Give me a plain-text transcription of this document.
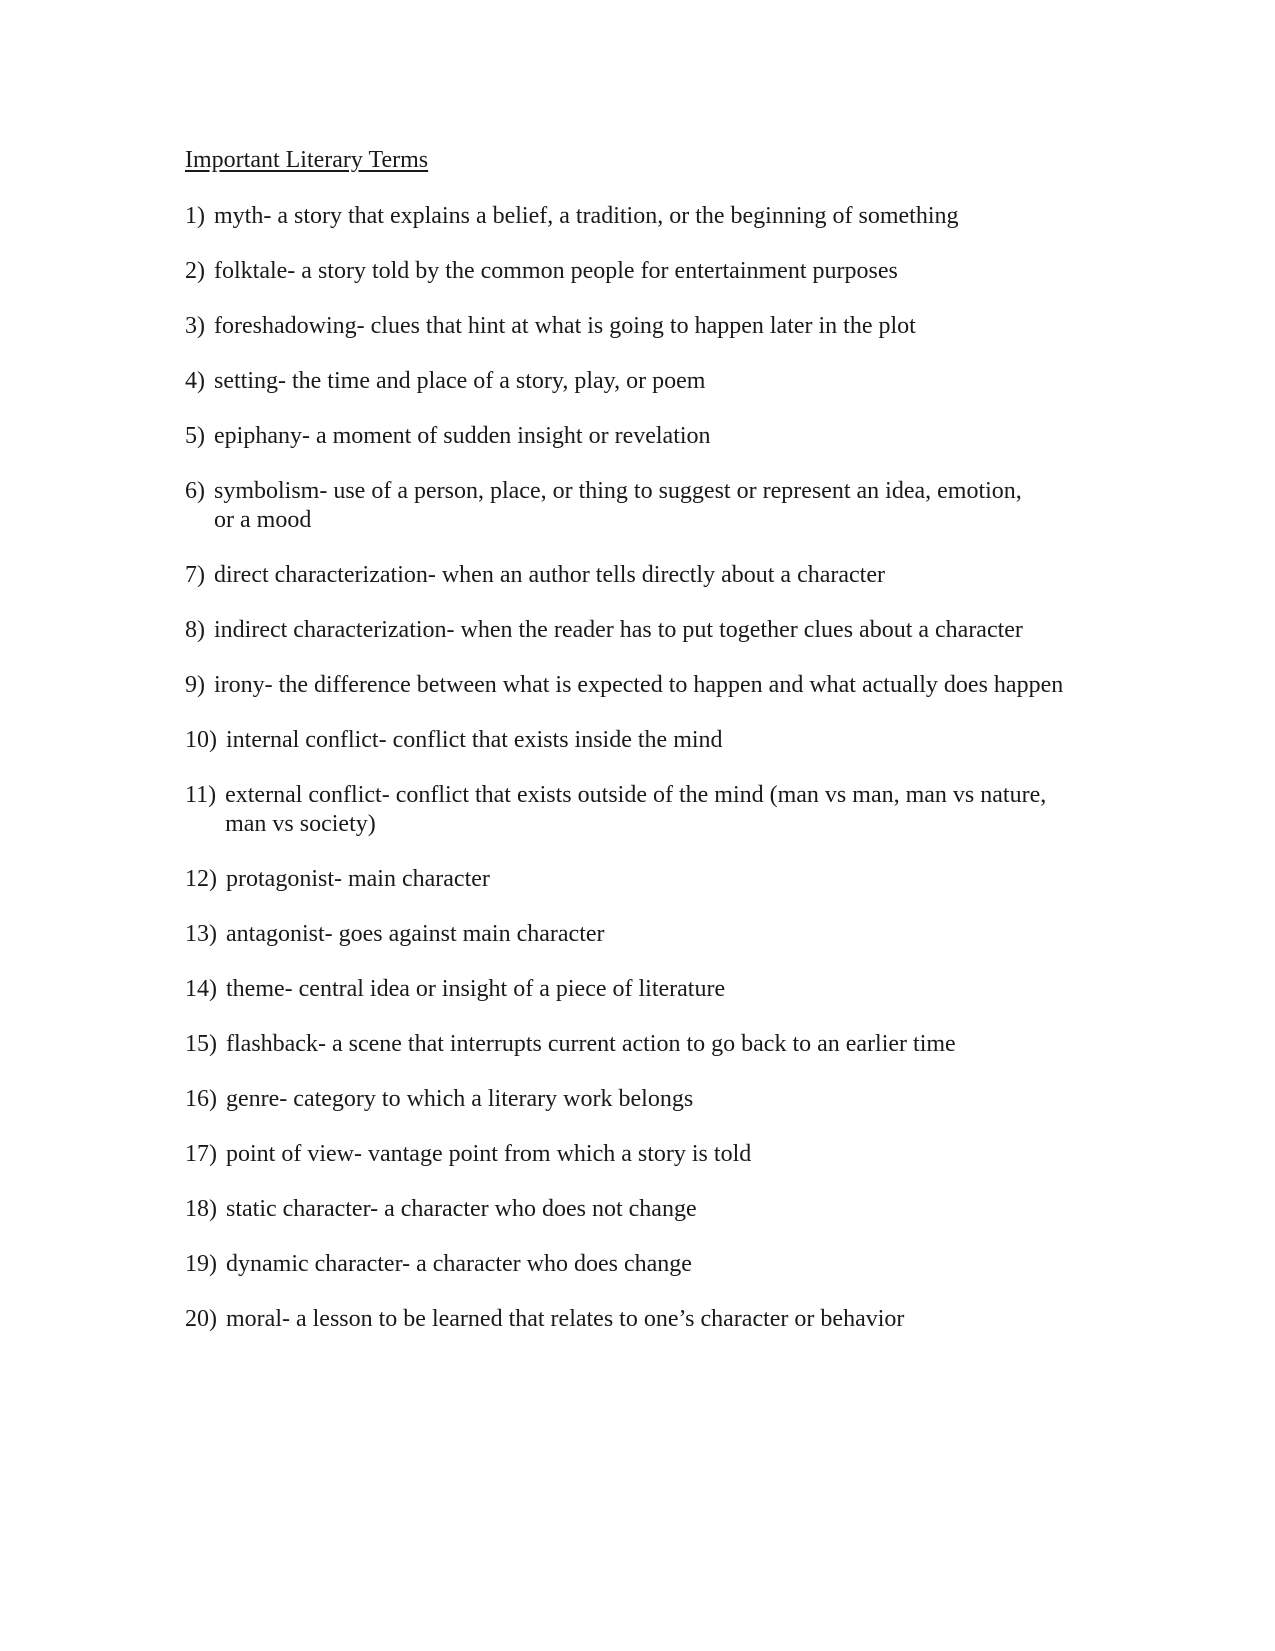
Important Literary Terms
1) myth- a story that explains a belief, a tradition, or the beginning of something
2) folktale- a story told by the common people for entertainment purposes
3) foreshadowing- clues that hint at what is going to happen later in the plot
4) setting- the time and place of a story, play, or poem
5) epiphany- a moment of sudden insight or revelation
6) symbolism- use of a person, place, or thing to suggest or represent an idea, emotion,
or a mood
7) direct characterization- when an author tells directly about a character
8) indirect characterization- when the reader has to put together clues about a character
9) irony- the difference between what is expected to happen and what actually does happen
10) internal conflict- conflict that exists inside the mind
11) external conflict- conflict that exists outside of the mind (man vs man, man vs nature,
man vs society)
12) protagonist- main character
13) antagonist- goes against main character
14) theme- central idea or insight of a piece of literature
15) flashback- a scene that interrupts current action to go back to an earlier time
16) genre- category to which a literary work belongs
17) point of view- vantage point from which a story is told
18) static character- a character who does not change
19) dynamic character- a character who does change
20) moral- a lesson to be learned that relates to one’s character or behavior
